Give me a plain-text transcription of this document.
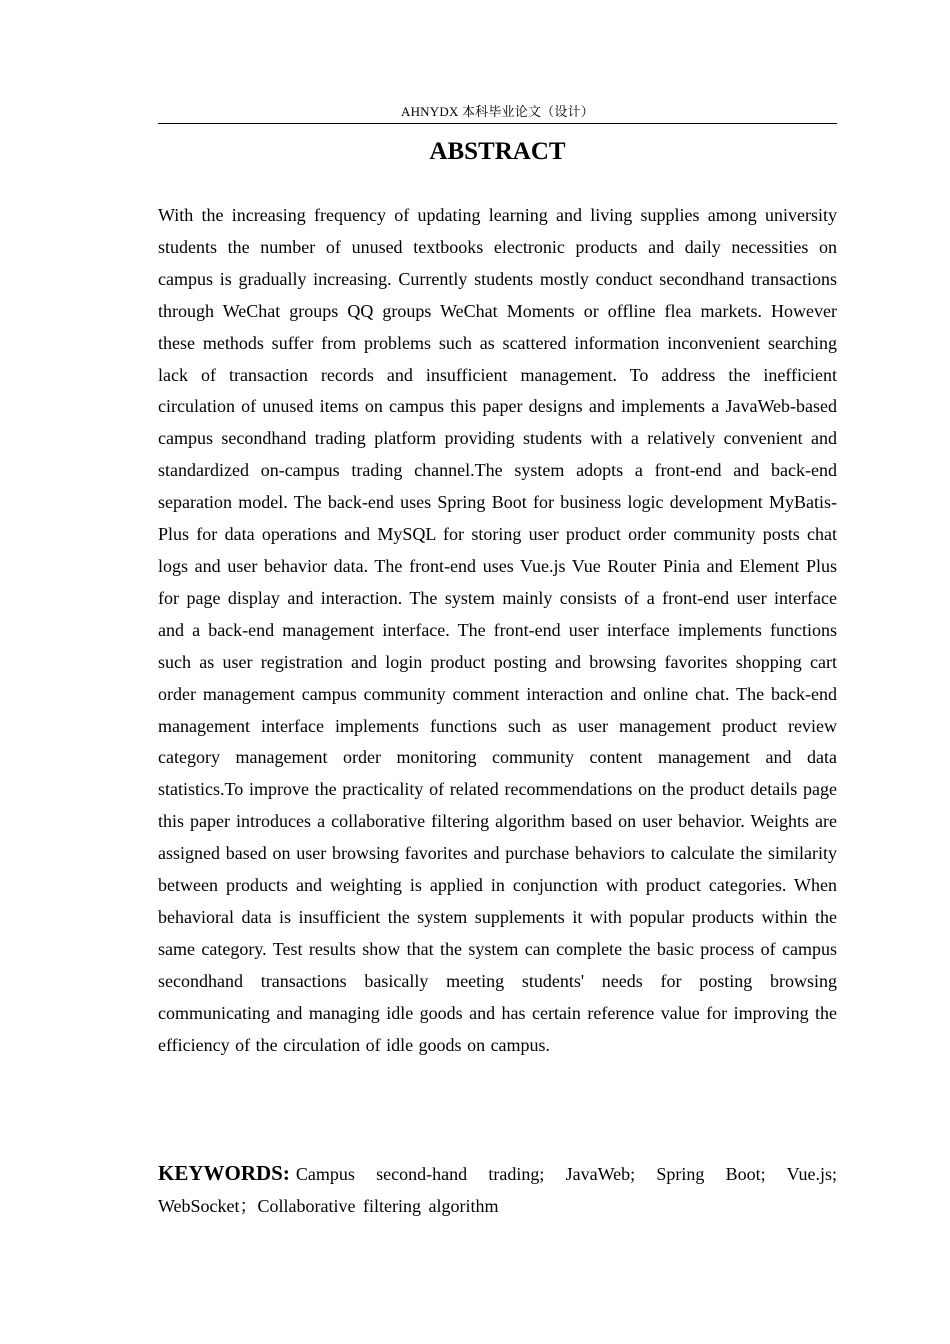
AHNYDX 本科毕业论文（设计）
ABSTRACT

With the increasing frequency of updating learning and living supplies among university students the number of unused textbooks electronic products and daily necessities on campus is gradually increasing. Currently students mostly conduct secondhand transactions through WeChat groups QQ groups WeChat Moments or offline flea markets. However these methods suffer from problems such as scattered information inconvenient searching lack of transaction records and insufficient management. To address the inefficient circulation of unused items on campus this paper designs and implements a JavaWeb-based campus secondhand trading platform providing students with a relatively convenient and standardized on-campus trading channel.The system adopts a front-end and back-end separation model. The back-end uses Spring Boot for business logic development MyBatis-Plus for data operations and MySQL for storing user product order community posts chat logs and user behavior data. The front-end uses Vue.js Vue Router Pinia and Element Plus for page display and interaction. The system mainly consists of a front-end user interface and a back-end management interface. The front-end user interface implements functions such as user registration and login product posting and browsing favorites shopping cart order management campus community comment interaction and online chat. The back-end management interface implements functions such as user management product review category management order monitoring community content management and data statistics.To improve the practicality of related recommendations on the product details page this paper introduces a collaborative filtering algorithm based on user behavior. Weights are assigned based on user browsing favorites and purchase behaviors to calculate the similarity between products and weighting is applied in conjunction with product categories. When behavioral data is insufficient the system supplements it with popular products within the same category. Test results show that the system can complete the basic process of campus secondhand transactions basically meeting students' needs for posting browsing communicating and managing idle goods and has certain reference value for improving the efficiency of the circulation of idle goods on campus.

KEYWORDS: Campus second-hand trading; JavaWeb; Spring Boot; Vue.js; WebSocket；Collaborative filtering algorithm
